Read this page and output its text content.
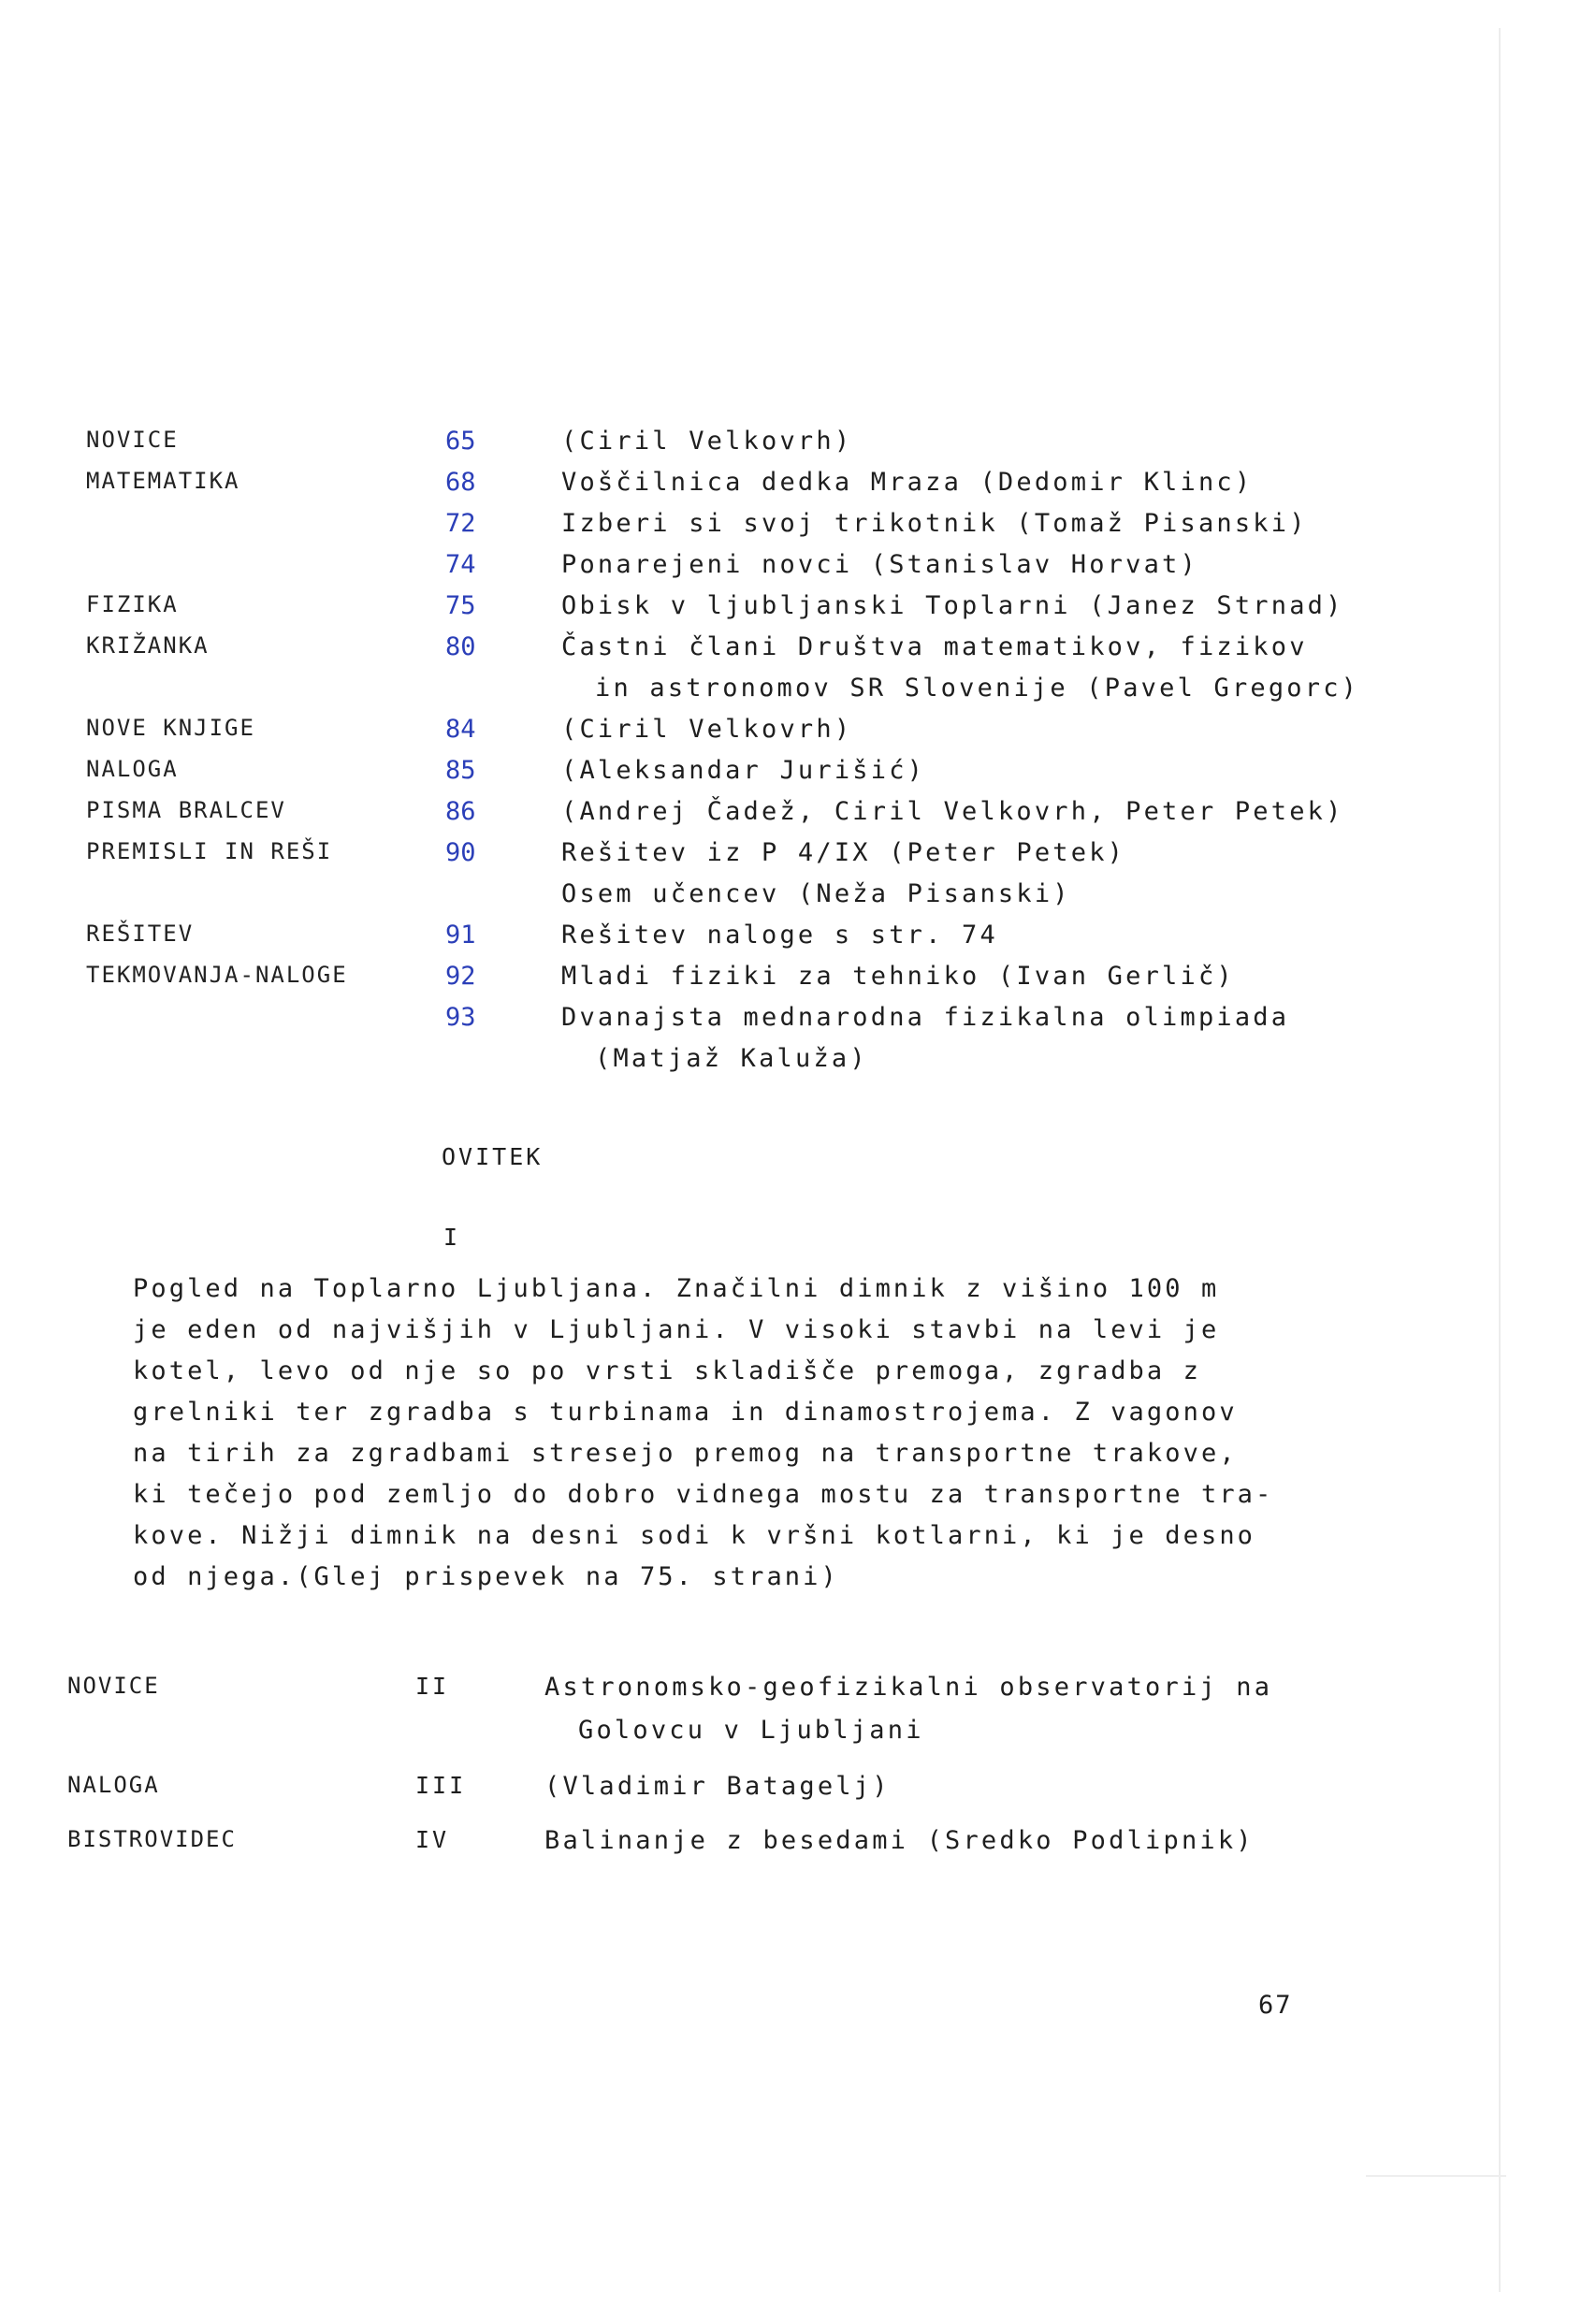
NOVICE	65	(Ciril Velkovrh)
MATEMATIKA	68	Voščilnica dedka Mraza (Dedomir Klinc)
72	Izberi si svoj trikotnik (Tomaž Pisanski)
74	Ponarejeni novci (Stanislav Horvat)
FIZIKA	75	Obisk v ljubljanski Toplarni (Janez Strnad)
KRIŽANKA	80	Častni člani Društva matematikov, fizikov
in astronomov SR Slovenije (Pavel Gregorc)
NOVE KNJIGE	84	(Ciril Velkovrh)
NALOGA	85	(Aleksandar Jurišić)
PISMA BRALCEV	86	(Andrej Čadež, Ciril Velkovrh, Peter Petek)
PREMISLI IN REŠI	90	Rešitev iz P 4/IX (Peter Petek)
Osem učencev (Neža Pisanski)
REŠITEV	91	Rešitev naloge s str. 74
TEKMOVANJA-NALOGE	92	Mladi fiziki za tehniko (Ivan Gerlič)
93	Dvanajsta mednarodna fizikalna olimpiada
(Matjaž Kaluža)
OVITEK
I
Pogled na Toplarno Ljubljana. Značilni dimnik z višino 100 m
je eden od najvišjih v Ljubljani. V visoki stavbi na levi je
kotel, levo od nje so po vrsti skladišče premoga, zgradba z
grelniki ter zgradba s turbinama in dinamostrojema. Z vagonov
na tirih za zgradbami stresejo premog na transportne trakove,
ki tečejo pod zemljo do dobro vidnega mostu za transportne tra-
kove. Nižji dimnik na desni sodi k vršni kotlarni, ki je desno
od njega.(Glej prispevek na 75. strani)
NOVICE	II	Astronomsko-geofizikalni observatorij na
Golovcu v Ljubljani
NALOGA	III	(Vladimir Batagelj)
BISTROVIDEC	IV	Balinanje z besedami (Sredko Podlipnik)
67
